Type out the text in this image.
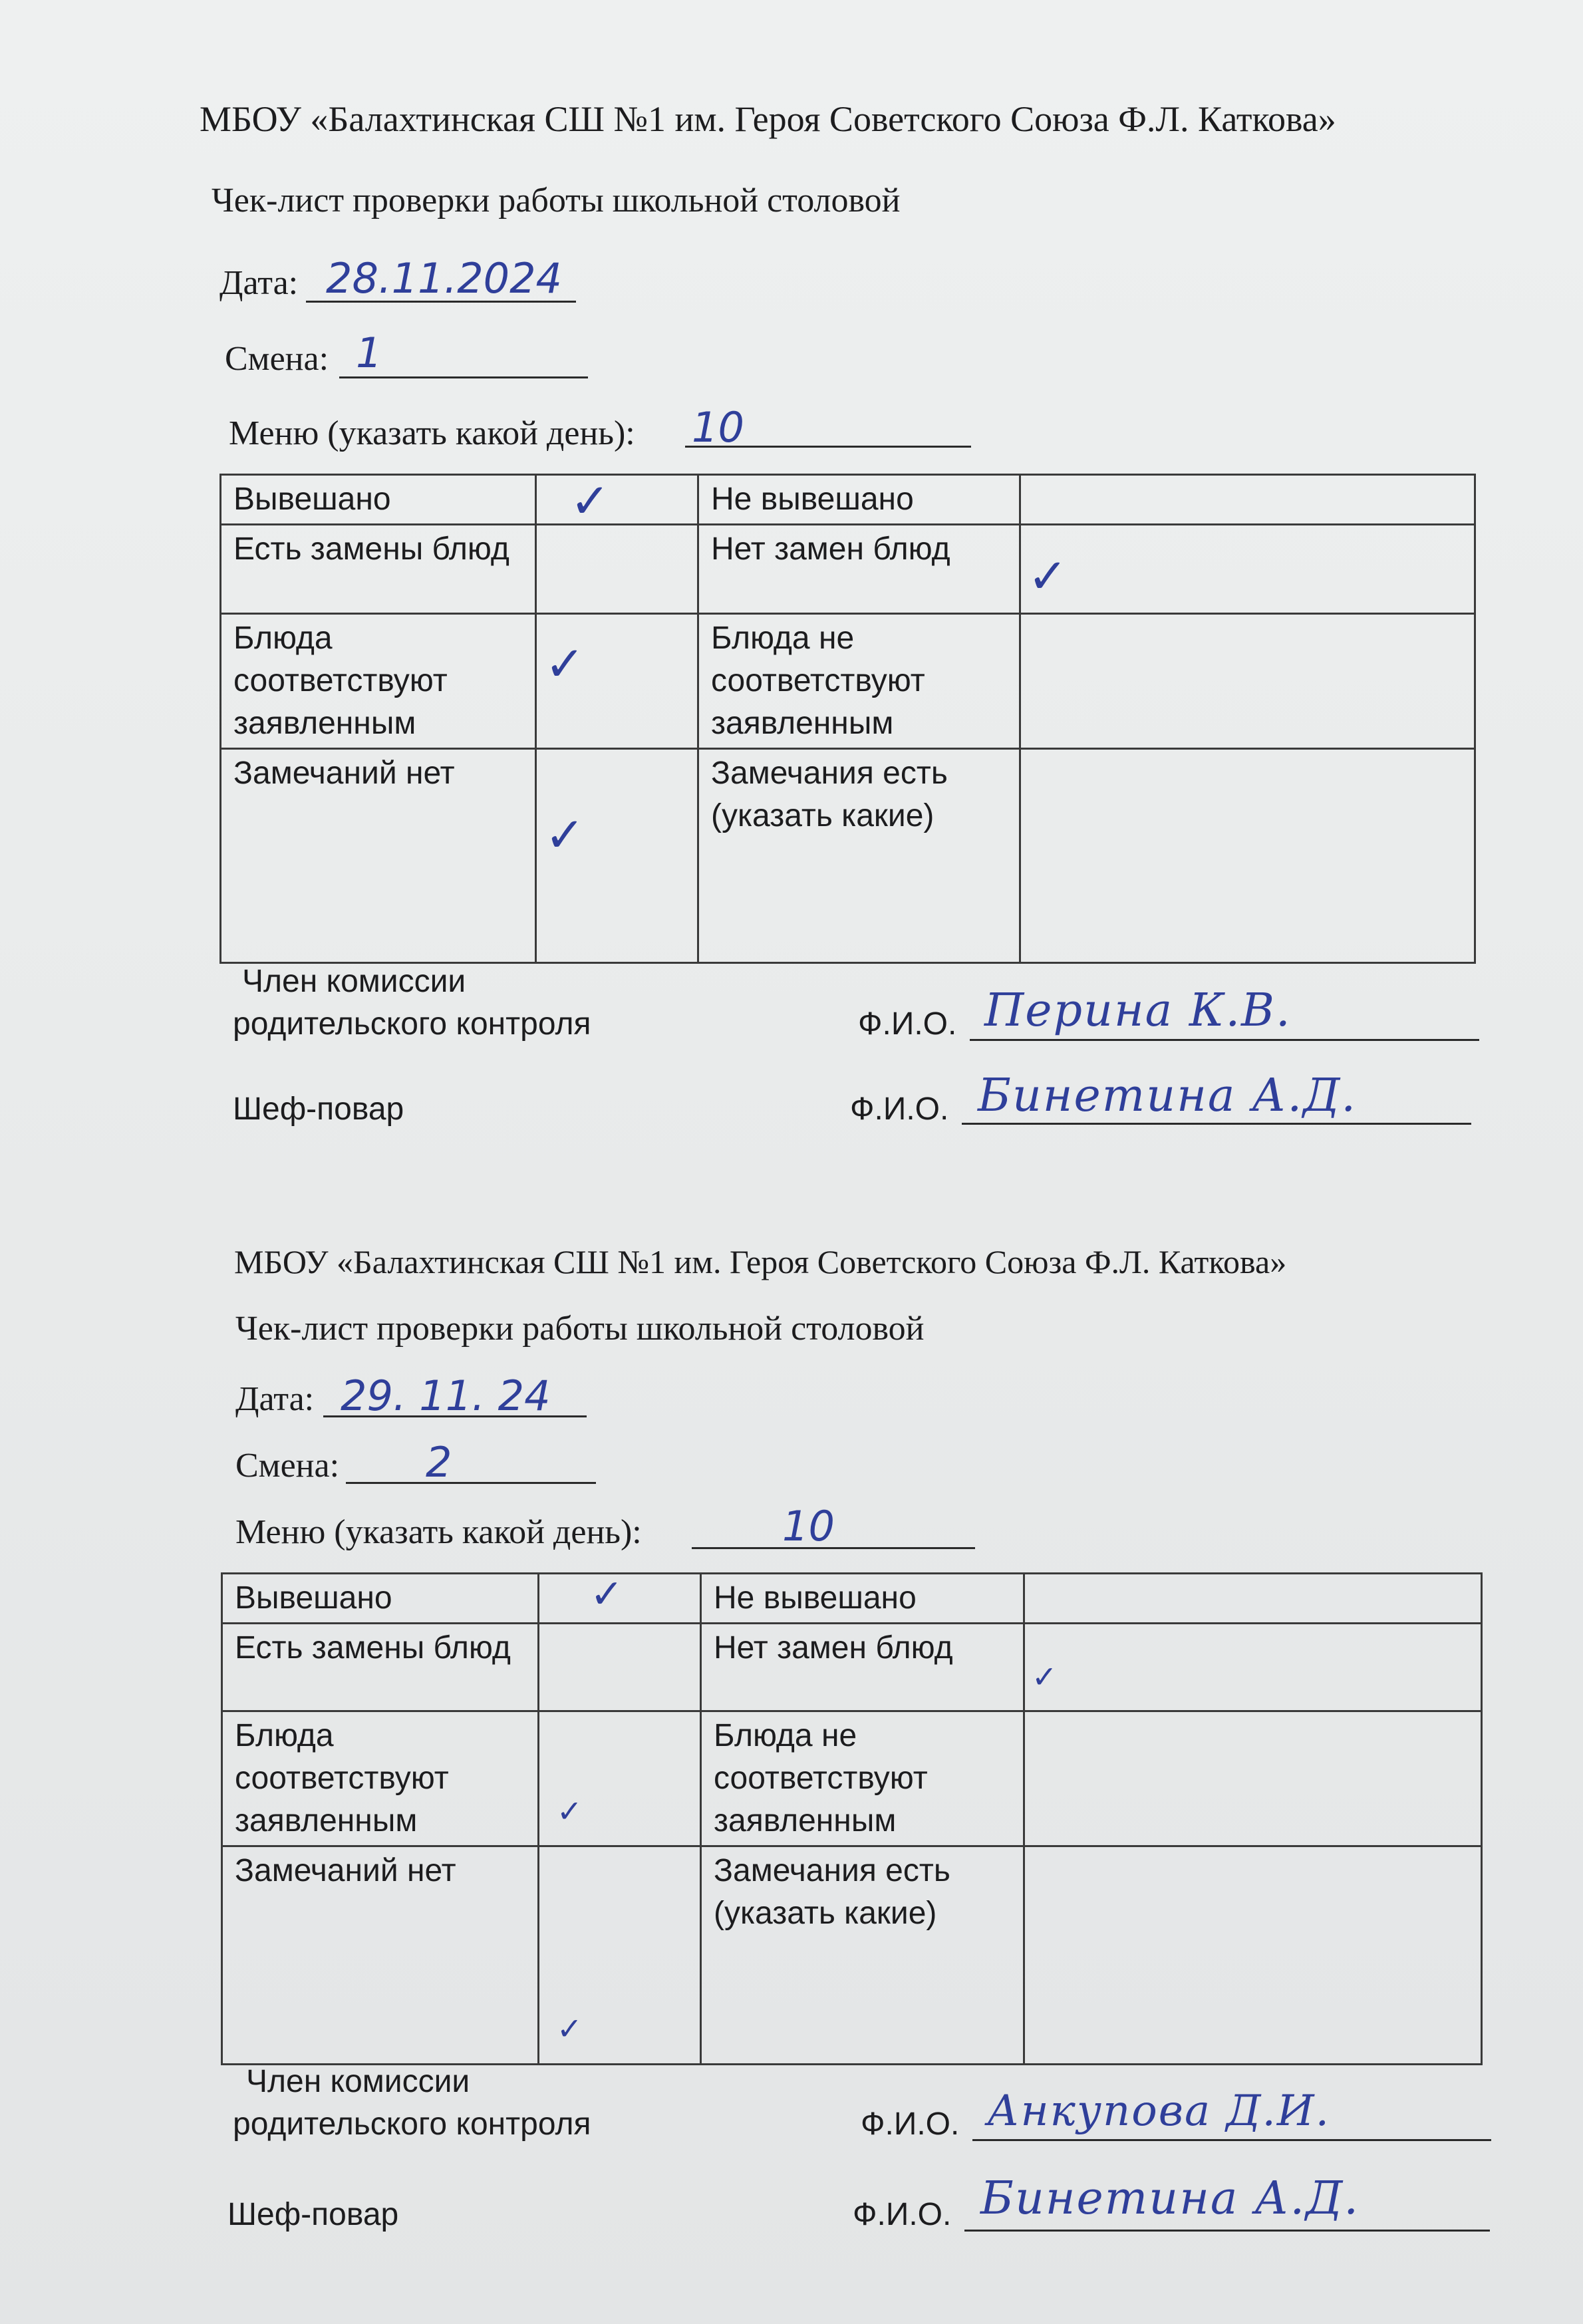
МБОУ «Балахтинская СШ №1 им. Героя Советского Союза Ф.Л. Каткова»
Чек-лист проверки работы школьной столовой
Дата: 28.11.2024
Смена: 1
Меню (указать какой день): 10
Вывешано	✓	Не вывешано	
Есть замены блюд		Нет замен блюд	✓

Блюда соответствуют заявленным	✓	Блюда не соответствуют заявленным	
Замечаний нет	✓	Замечания есть (указать какие)	
Член комиссии
родительского контроля	Ф.И.О. Перина К.В.
Шеф-повар	Ф.И.О. Бинетина А.Д.
МБОУ «Балахтинская СШ №1 им. Героя Советского Союза Ф.Л. Каткова»
Чек-лист проверки работы школьной столовой
Дата: 29. 11. 24
Смена: 2
Меню (указать какой день):	10
Вывешано	✓	Не вывешано	
Есть замены блюд		Нет замен блюд	✓

Блюда соответствуют заявленным	✓	Блюда не соответствуют заявленным	
Замечаний нет	✓	Замечания есть (указать какие)	
Член комиссии
родительского контроля	Ф.И.О. Анкупова Д.И.
Шеф-повар	Ф.И.О. Бинетина А.Д.
